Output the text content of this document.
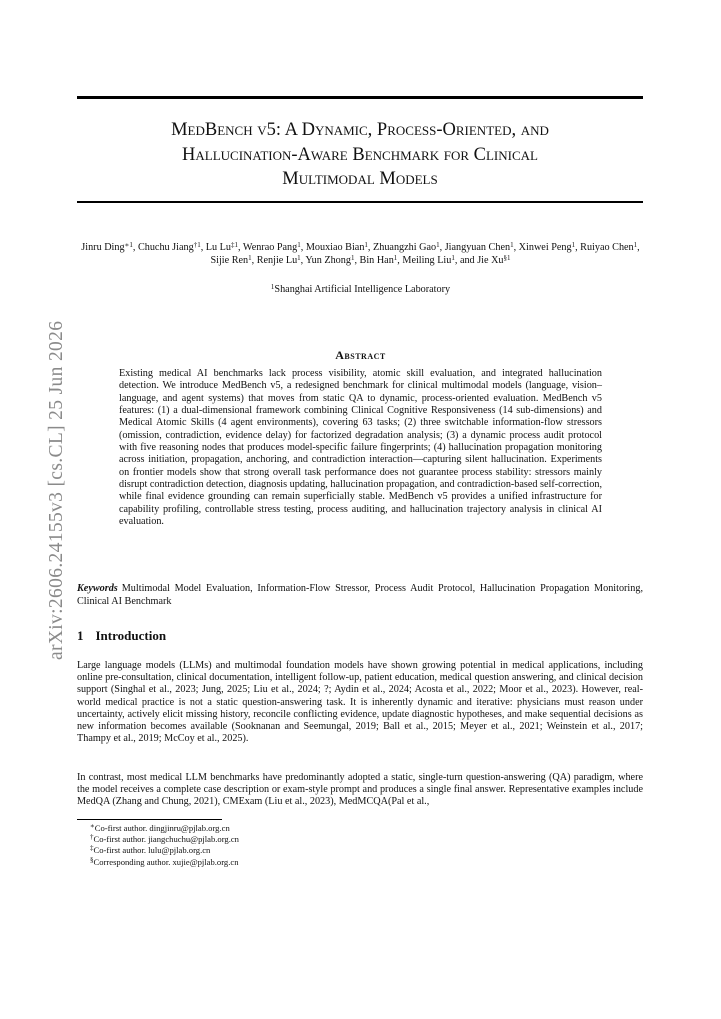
arXiv:2606.24155v3 [cs.CL] 25 Jun 2026
MedBench v5: A Dynamic, Process-Oriented, and
Hallucination-Aware Benchmark for Clinical
Multimodal Models
Jinru Ding$^{∗1}$, Chuchu Jiang$^{\dagger 1}$, Lu Lu$^{\ddagger 1}$, Wenrao Pang$^1$, Mouxiao Bian$^1$, Zhuangzhi Gao$^1$, Jiangyuan Chen$^1$, Xinwei Peng$^1$, Ruiyao Chen$^1$, Sijie Ren$^1$, Renjie Lu$^1$, Yun Zhong$^1$, Bin Han$^1$, Meiling Liu$^1$, and Jie Xu$^{\S 1}$
$^1$Shanghai Artificial Intelligence Laboratory
Abstract
Existing medical AI benchmarks lack process visibility, atomic skill evaluation, and integrated hallucination detection. We introduce MedBench v5, a redesigned benchmark for clinical multimodal models (language, vision–language, and agent systems) that moves from static QA to dynamic, process-oriented evaluation. MedBench v5 features: (1) a dual-dimensional framework combining Clinical Cognitive Responsiveness (14 sub-dimensions) and Medical Atomic Skills (4 agent environments), covering 63 tasks; (2) three switchable information-flow stressors (omission, contradiction, evidence delay) for factorized degradation analysis; (3) a dynamic process audit protocol with five reasoning nodes that produces model-specific failure fingerprints; (4) hallucination propagation monitoring across initiation, propagation, anchoring, and contradiction interaction—capturing silent hallucination. Experiments on frontier models show that strong overall task performance does not guarantee process stability: stressors mainly disrupt contradiction detection, diagnosis updating, hallucination propagation, and contradiction-based self-correction, while final evidence grounding can remain superficially stable. MedBench v5 provides a unified infrastructure for capability profiling, controllable stress testing, process auditing, and hallucination trajectory analysis in clinical AI evaluation.
Keywords Multimodal Model Evaluation, Information-Flow Stressor, Process Audit Protocol, Hallucination Propagation Monitoring, Clinical AI Benchmark
1 Introduction
Large language models (LLMs) and multimodal foundation models have shown growing potential in medical applications, including online pre-consultation, clinical documentation, intelligent follow-up, patient education, medical question answering, and clinical decision support (Singhal et al., 2023; Jung, 2025; Liu et al., 2024; ?; Aydin et al., 2024; Acosta et al., 2022; Moor et al., 2023). However, real-world medical practice is not a static question-answering task. It is inherently dynamic and iterative: physicians must reason under uncertainty, actively elicit missing history, reconcile conflicting evidence, update diagnostic hypotheses, and make sequential decisions as new information becomes available (Sooknanan and Seemungal, 2019; Ball et al., 2015; Meyer et al., 2021; Weinstein et al., 2017; Thampy et al., 2019; McCoy et al., 2025).
In contrast, most medical LLM benchmarks have predominantly adopted a static, single-turn question-answering (QA) paradigm, where the model receives a complete case description or exam-style prompt and produces a single final answer. Representative examples include MedQA (Zhang and Chung, 2021), CMExam (Liu et al., 2023), MedMCQA(Pal et al.,
∗Co-first author. dingjinru@pjlab.org.cn
†Co-first author. jiangchuchu@pjlab.org.cn
‡Co-first author. lulu@pjlab.org.cn
§Corresponding author. xujie@pjlab.org.cn
